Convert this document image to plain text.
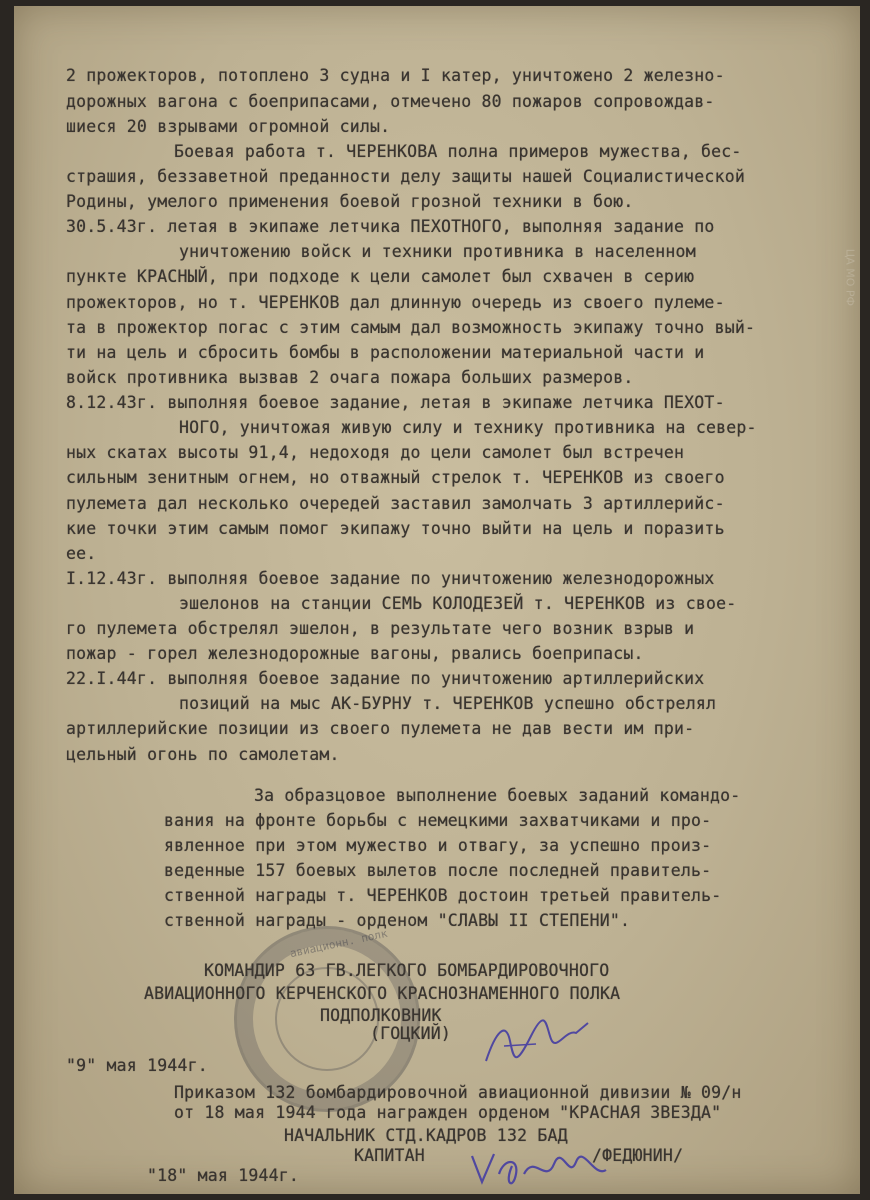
авиационн. полк
2 прожекторов, потоплено 3 судна и I катер, уничтожено 2 железно-
дорожных вагона с боеприпасами, отмечено 80 пожаров сопровождав-
шиеся 20 взрывами огромной силы.
Боевая работа т. ЧЕРЕНКОВА полна примеров мужества, бес-
страшия, беззаветной преданности делу защиты нашей Социалистической
Родины, умелого применения боевой грозной техники в бою.
30.5.43г. летая в экипаже летчика ПЕХОТНОГО, выполняя задание по
уничтожению войск и техники противника в населенном
пункте КРАСНЫЙ, при подходе к цели самолет был схвачен в серию
прожекторов, но т. ЧЕРЕНКОВ дал длинную очередь из своего пулеме-
та в прожектор погас с этим самым дал возможность экипажу точно вый-
ти на цель и сбросить бомбы в расположении материальной части и
войск противника вызвав 2 очага пожара больших размеров.
8.12.43г. выполняя боевое задание, летая в экипаже летчика ПЕХОТ-
НОГО, уничтожая живую силу и технику противника на север-
ных скатах высоты 91,4, недоходя до цели самолет был встречен
сильным зенитным огнем, но отважный стрелок т. ЧЕРЕНКОВ из своего
пулемета дал несколько очередей заставил замолчать 3 артиллерийс-
кие точки этим самым помог экипажу точно выйти на цель и поразить
ее.
I.12.43г. выполняя боевое задание по уничтожению железнодорожных
эшелонов на станции СЕМЬ КОЛОДЕЗЕЙ т. ЧЕРЕНКОВ из свое-
го пулемета обстрелял эшелон, в результате чего возник взрыв и
пожар - горел железнодорожные вагоны, рвались боеприпасы.
22.I.44г. выполняя боевое задание по уничтожению артиллерийских
позиций на мыс АК-БУРНУ т. ЧЕРЕНКОВ успешно обстрелял
артиллерийские позиции из своего пулемета не дав вести им при-
цельный огонь по самолетам.
За образцовое выполнение боевых заданий командо-
вания на фронте борьбы с немецкими захватчиками и про-
явленное при этом мужество и отвагу, за успешно произ-
веденные 157 боевых вылетов после последней правитель-
ственной награды т. ЧЕРЕНКОВ достоин третьей правитель-
ственной награды - орденом "СЛАВЫ II СТЕПЕНИ".
КОМАНДИР 63 ГВ.ЛЕГКОГО БОМБАРДИРОВОЧНОГО
АВИАЦИОННОГО КЕРЧЕНСКОГО КРАСНОЗНАМЕННОГО ПОЛКА
ПОДПОЛКОВНИК
(ГОЦКИЙ)
"9" мая 1944г.
Приказом 132 бомбардировочной авиационной дивизии № 09/н
от 18 мая 1944 года награжден орденом "КРАСНАЯ ЗВЕЗДА"
НАЧАЛЬНИК СТД.КАДРОВ 132 БАД
КАПИТАН	/ФЕДЮНИН/
"18" мая 1944г.
ЦА МО РФ
